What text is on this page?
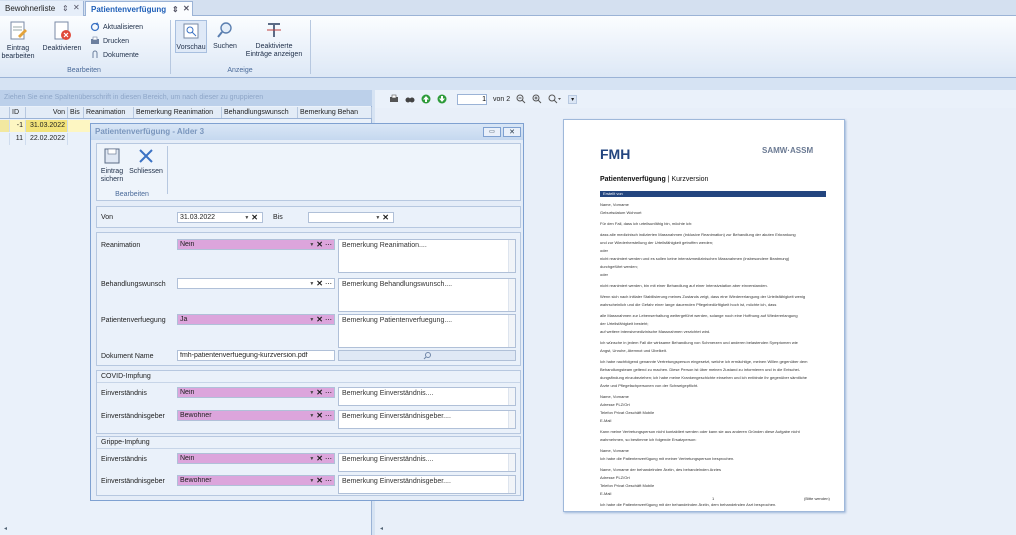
Bewohnerliste ⇕ ✕	Patientenverfügung ⇕ ✕
Eintrag
bearbeiten
Deaktivieren
Aktualisieren
Drucken
Dokumente
Bearbeiten
Vorschau	Suchen	Deaktivierte
Einträge anzeigen
Anzeige
Ziehen Sie eine Spaltenüberschrift in diesen Bereich, um nach dieser zu gruppieren
ID	Von Bis Reanimation	Bemerkung Reanimation	Behandlungswunsch	Bemerkung Behan
-1 31.03.2022
11 22.02.2022
◂
1
von 2	▾
FMH	SAMW·ASSM
Patientenverfügung | Kurzversion
Erstellt von
Name, Vorname
Geburtsdatum Wohnort
Für den Fall, dass ich urteilsunfähig bin, möchte ich:
dass alle medizinisch indizierten Massnahmen (inklusive Reanimation) zur Behandlung der akuten Erkrankung
und zur Wiederherstellung der Urteilsfähigkeit getroffen werden;
oder
nicht reanimiert werden und es sollen keine intensivmedizinischen Massnahmen (insbesondere Beatmung)
durchgeführt werden;
oder
nicht reanimiert werden, bin mit einer Behandlung auf einer Intensivstation aber einverstanden.
Wenn sich nach initialer Stabilisierung meines Zustands zeigt, dass eine Wiedererlangung der Urteilsfähigkeit wenig
wahrscheinlich und die Gefahr einer lange dauernden Pflegebedürftigkeit hoch ist, möchte ich, dass
alle Massnahmen zur Lebenserhaltung weitergeführt werden, solange noch eine Hoffnung auf Wiedererlangung
der Urteilsfähigkeit besteht;
auf weitere intensivmedizinische Massnahmen verzichtet wird.
Ich wünsche in jedem Fall die wirksame Behandlung von Schmerzen und anderen belastenden Symptomen wie
Angst, Unruhe, Atemnot und Übelkeit.
Ich habe nachfolgend genannte Vertretungsperson eingesetzt, welche ich ermächtige, meinen Willen gegenüber dem
Behandlungsteam geltend zu machen. Diese Person ist über meinen Zustand zu informieren und in die Entschei-
dungsfindung einzubeziehen; ich habe meine Krankengeschichte einsehen und ich entbinde ihr gegenüber sämtliche
Ärzte und Pflegefachpersonen von der Schweigepflicht.
Name, Vorname
Adresse PLZ/Ort
Telefon Privat Geschäft Mobile
E-Mail
Kann meine Vertretungsperson nicht kontaktiert werden oder kann sie aus anderen Gründen diese Aufgabe nicht
wahrnehmen, so bestimme ich folgende Ersatzperson:
Name, Vorname
Ich habe die Patientenverfügung mit meiner Vertretungsperson besprochen.
Name, Vorname der behandelnden Ärztin, des behandelnden Arztes
Adresse PLZ/Ort
Telefon Privat Geschäft Mobile
E-Mail
Ich habe die Patientenverfügung mit der behandelnden Ärztin, dem behandelnden Arzt besprochen.
1	(Bitte wenden)
◂
Patientenverfügung - Alder 3	▭	✕
Eintrag
sichern
Schliessen
Bearbeiten
Von	31.03.2022	▼ ✕ Bis	▼ ✕
Reanimation	Nein	▼ ✕ ⋯	Bemerkung Reanimation....
Behandlungswunsch	▼ ✕ ⋯	Bemerkung Behandlungswunsch....
Patientenverfuegung Ja	▼ ✕ ⋯	Bemerkung Patientenverfuegung....
Dokument Name	fmh-patientenverfuegung-kurzversion.pdf
COVID-Impfung
Einverständnis	Nein	▼ ✕ ⋯	Bemerkung Einverständnis....
Einverständnisgeber Bewohner	▼ ✕ ⋯	Bemerkung Einverständnisgeber....
Grippe-Impfung
Einverständnis	Nein	▼ ✕ ⋯	Bemerkung Einverständnis....
Einverständnisgeber Bewohner	▼ ✕ ⋯	Bemerkung Einverständnisgeber....
